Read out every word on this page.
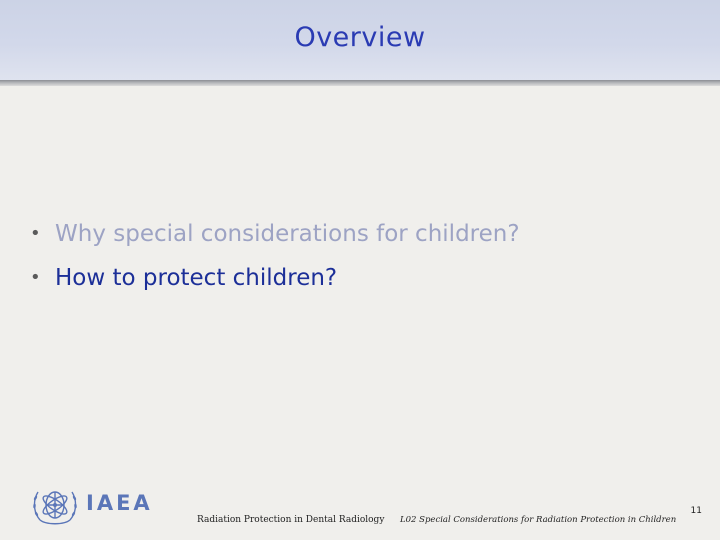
Overview
• Why special considerations for children?
• How to protect children?
IAEA
Radiation Protection in Dental Radiology L02 Special Considerations for Radiation Protection in Children
11
